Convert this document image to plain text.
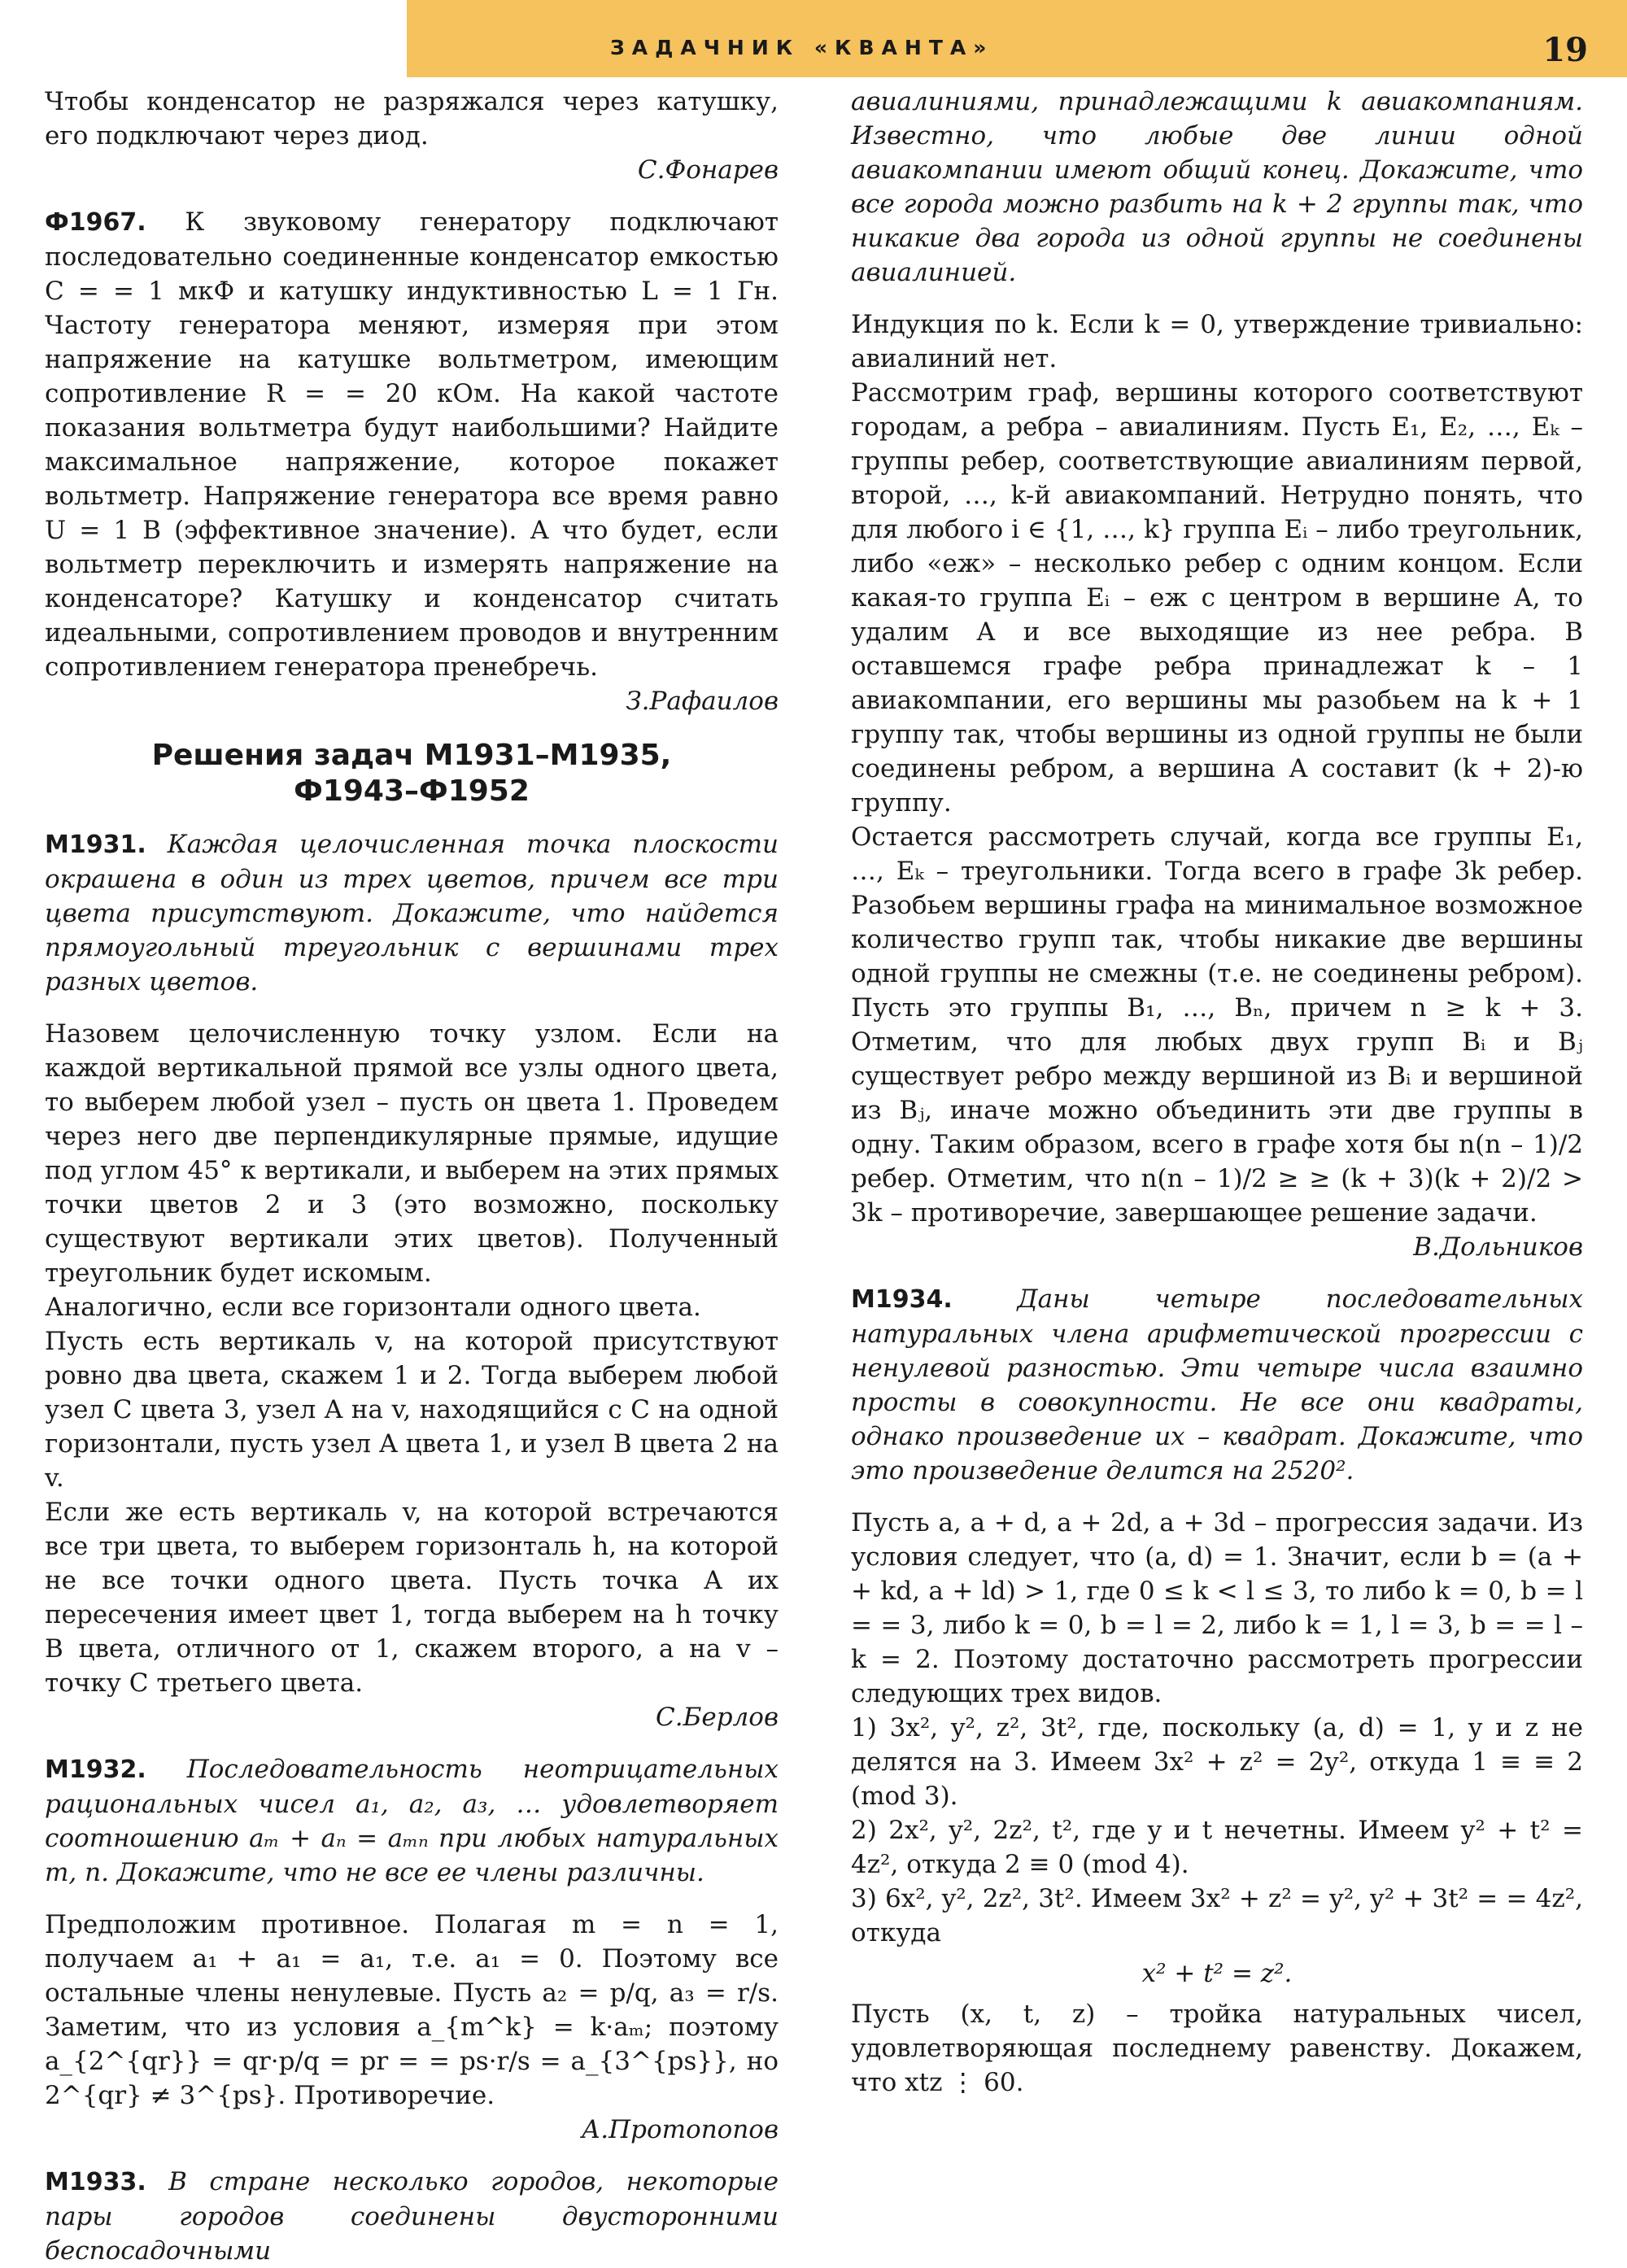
ЗАДАЧНИК «КВАНТА»	19

Чтобы конденсатор не разряжался через катушку, его подключают через диод.

С.Фонарев

Ф1967. К звуковому генератору подключают последовательно соединенные конденсатор емкостью C = = 1 мкФ и катушку индуктивностью L = 1 Гн. Частоту генератора меняют, измеряя при этом напряжение на катушке вольтметром, имеющим сопротивление R = = 20 кОм. На какой частоте показания вольтметра будут наибольшими? Найдите максимальное напряжение, которое покажет вольтметр. Напряжение генератора все время равно U = 1 В (эффективное значение). А что будет, если вольтметр переключить и измерять напряжение на конденсаторе? Катушку и конденсатор считать идеальными, сопротивлением проводов и внутренним сопротивлением генератора пренебречь.

З.Рафаилов

Решения задач М1931–М1935,
Ф1943–Ф1952

М1931. Каждая целочисленная точка плоскости окрашена в один из трех цветов, причем все три цвета присутствуют. Докажите, что найдется прямоугольный треугольник с вершинами трех разных цветов.

Назовем целочисленную точку узлом. Если на каждой вертикальной прямой все узлы одного цвета, то выберем любой узел – пусть он цвета 1. Проведем через него две перпендикулярные прямые, идущие под углом 45° к вертикали, и выберем на этих прямых точки цветов 2 и 3 (это возможно, поскольку существуют вертикали этих цветов). Полученный треугольник будет искомым.

Аналогично, если все горизонтали одного цвета.

Пусть есть вертикаль v, на которой присутствуют ровно два цвета, скажем 1 и 2. Тогда выберем любой узел C цвета 3, узел A на v, находящийся с C на одной горизонтали, пусть узел A цвета 1, и узел B цвета 2 на v.

Если же есть вертикаль v, на которой встречаются все три цвета, то выберем горизонталь h, на которой не все точки одного цвета. Пусть точка A их пересечения имеет цвет 1, тогда выберем на h точку B цвета, отличного от 1, скажем второго, а на v – точку C третьего цвета.

С.Берлов

М1932. Последовательность неотрицательных рациональных чисел a₁, a₂, a₃, … удовлетворяет соотношению aₘ + aₙ = aₘₙ при любых натуральных m, n. Докажите, что не все ее члены различны.

Предположим противное. Полагая m = n = 1, получаем a₁ + a₁ = a₁, т.е. a₁ = 0. Поэтому все остальные члены ненулевые. Пусть a₂ = p/q, a₃ = r/s. Заметим, что из условия a_{m^k} = k·aₘ; поэтому a_{2^{qr}} = qr·p/q = pr = = ps·r/s = a_{3^{ps}}, но 2^{qr} ≠ 3^{ps}. Противоречие.

А.Протопопов

М1933. В стране несколько городов, некоторые пары городов соединены двусторонними беспосадочными

авиалиниями, принадлежащими k авиакомпаниям. Известно, что любые две линии одной авиакомпании имеют общий конец. Докажите, что все города можно разбить на k + 2 группы так, что никакие два города из одной группы не соединены авиалинией.

Индукция по k. Если k = 0, утверждение тривиально: авиалиний нет.

Рассмотрим граф, вершины которого соответствуют городам, а ребра – авиалиниям. Пусть E₁, E₂, …, Eₖ – группы ребер, соответствующие авиалиниям первой, второй, …, k-й авиакомпаний. Нетрудно понять, что для любого i ∈ {1, …, k} группа Eᵢ – либо треугольник, либо «еж» – несколько ребер с одним концом. Если какая-то группа Eᵢ – еж с центром в вершине A, то удалим A и все выходящие из нее ребра. В оставшемся графе ребра принадлежат k – 1 авиакомпании, его вершины мы разобьем на k + 1 группу так, чтобы вершины из одной группы не были соединены ребром, а вершина A составит (k + 2)-ю группу.

Остается рассмотреть случай, когда все группы E₁, …, Eₖ – треугольники. Тогда всего в графе 3k ребер. Разобьем вершины графа на минимальное возможное количество групп так, чтобы никакие две вершины одной группы не смежны (т.е. не соединены ребром). Пусть это группы B₁, …, Bₙ, причем n ≥ k + 3. Отметим, что для любых двух групп Bᵢ и Bⱼ существует ребро между вершиной из Bᵢ и вершиной из Bⱼ, иначе можно объединить эти две группы в одну. Таким образом, всего в графе хотя бы n(n – 1)/2 ребер. Отметим, что n(n – 1)/2 ≥ ≥ (k + 3)(k + 2)/2 > 3k – противоречие, завершающее решение задачи.

В.Дольников

М1934.	Даны четыре последовательных натуральных члена арифметической прогрессии с ненулевой разностью. Эти четыре числа взаимно просты в совокупности. Не все они квадраты, однако произведение их – квадрат. Докажите, что это произведение делится на 2520².

Пусть a, a + d, a + 2d, a + 3d – прогрессия задачи. Из условия следует, что (a, d) = 1. Значит, если b = (a + + kd, a + ld) > 1, где 0 ≤ k < l ≤ 3, то либо k = 0, b = l = = 3, либо k = 0, b = l = 2, либо k = 1, l = 3, b = = l – k = 2. Поэтому достаточно рассмотреть прогрессии следующих трех видов.

1) 3x², y², z², 3t², где, поскольку (a, d) = 1, y и z не делятся на 3. Имеем 3x² + z² = 2y², откуда 1 ≡ ≡ 2 (mod 3).

2) 2x², y², 2z², t², где y и t нечетны. Имеем y² + t² = 4z², откуда 2 ≡ 0 (mod 4).

3) 6x², y², 2z², 3t². Имеем 3x² + z² = y², y² + 3t² = = 4z², откуда

x² + t² = z².

Пусть (x, t, z) – тройка натуральных чисел, удовлетворяющая последнему равенству. Докажем, что xtz ⋮ 60.
